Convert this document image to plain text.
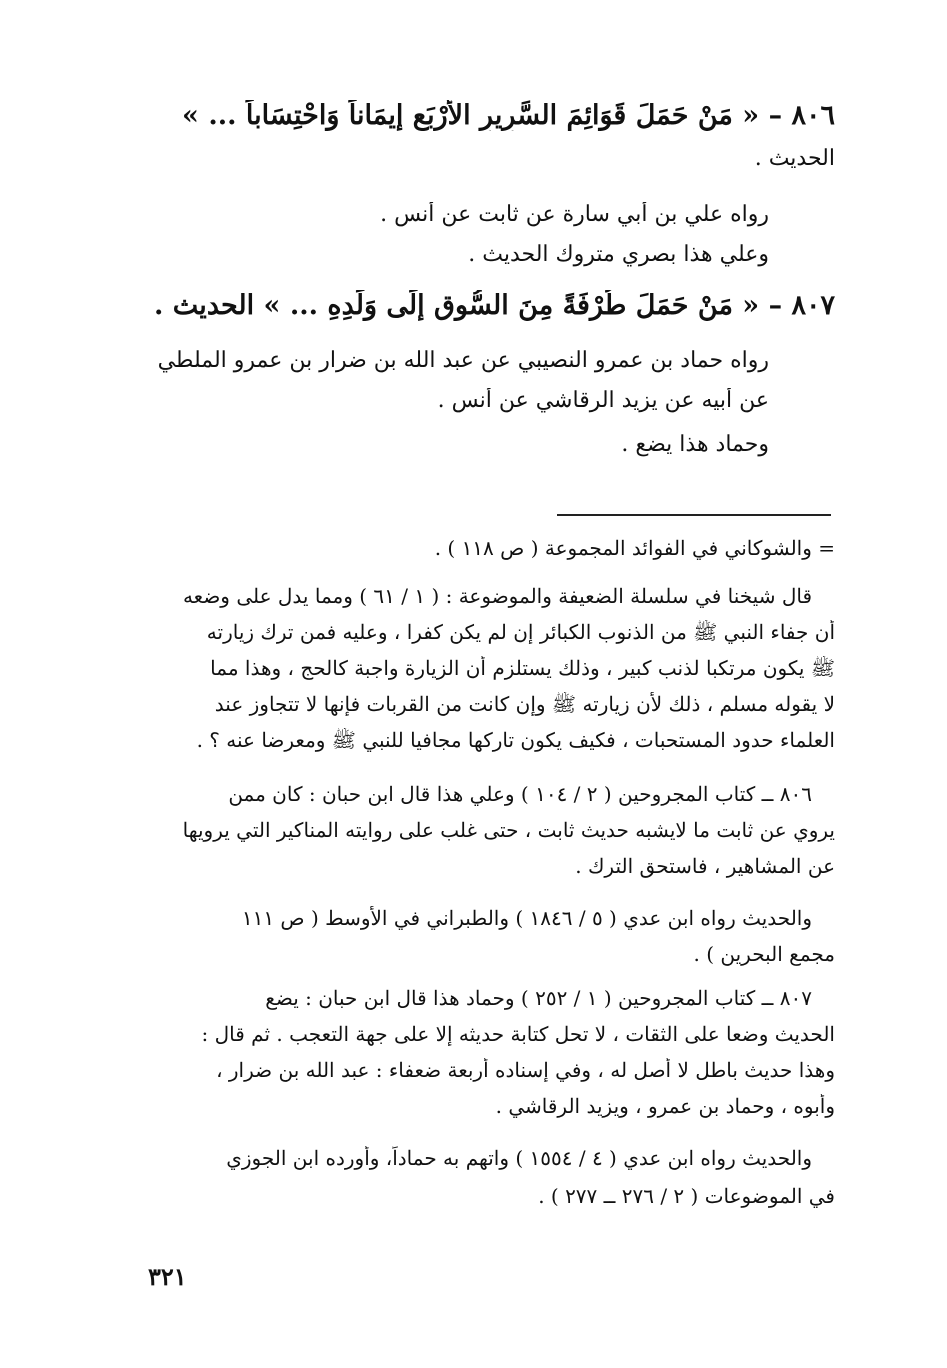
٨٠٦ – « مَنْ حَمَلَ قَوَائِمَ السَّرِيرِ الأَرْبَعِ إِيمَاناً وَاحْتِسَاباً ... »
الحديث .
رواه علي بن أبي سارة عن ثابت عن أنس .
وعلي هذا بصري متروك الحديث .
٨٠٧ – « مَنْ حَمَلَ طُرْفَةً مِنَ السُّوقِ إِلَى وَلَدِهِ ... » الحديث .
رواه حماد بن عمرو النصيبي عن عبد الله بن ضرار بن عمرو الملطي
عن أبيه عن يزيد الرقاشي عن أنس .
وحماد هذا يضع .
= والشوكاني في الفوائد المجموعة ( ص ١١٨ ) .
قال شيخنا في سلسلة الضعيفة والموضوعة : ( ١ / ٦١ ) ومما يدل على وضعه
أن جفاء النبي ﷺ من الذنوب الكبائر إن لم يكن كفرا ، وعليه فمن ترك زيارته
ﷺ يكون مرتكبا لذنب كبير ، وذلك يستلزم أن الزيارة واجبة كالحج ، وهذا مما
لا يقوله مسلم ، ذلك لأن زيارته ﷺ وإن كانت من القربات فإنها لا تتجاوز عند
العلماء حدود المستحبات ، فكيف يكون تاركها مجافيا للنبي ﷺ ومعرضا عنه ؟ .
٨٠٦ ــ كتاب المجروحين ( ٢ / ١٠٤ ) وعلي هذا قال ابن حبان : كان ممن
يروي عن ثابت ما لايشبه حديث ثابت ، حتى غلب على روايته المناكير التي يرويها
عن المشاهير ، فاستحق الترك .
والحديث رواه ابن عدي ( ٥ / ١٨٤٦ ) والطبراني في الأوسط ( ص ١١١
مجمع البحرين ) .
٨٠٧ ــ كتاب المجروحين ( ١ / ٢٥٢ ) وحماد هذا قال ابن حبان : يضع
الحديث وضعا على الثقات ، لا تحل كتابة حديثه إلا على جهة التعجب . ثم قال :
وهذا حديث باطل لا أصل له ، وفي إسناده أربعة ضعفاء : عبد الله بن ضرار ،
وأبوه ، وحماد بن عمرو ، ويزيد الرقاشي .
والحديث رواه ابن عدي ( ٤ / ١٥٥٤ ) واتهم به حماداً، وأورده ابن الجوزي
في الموضوعات ( ٢ / ٢٧٦ ــ ٢٧٧ ) .
٣٢١
